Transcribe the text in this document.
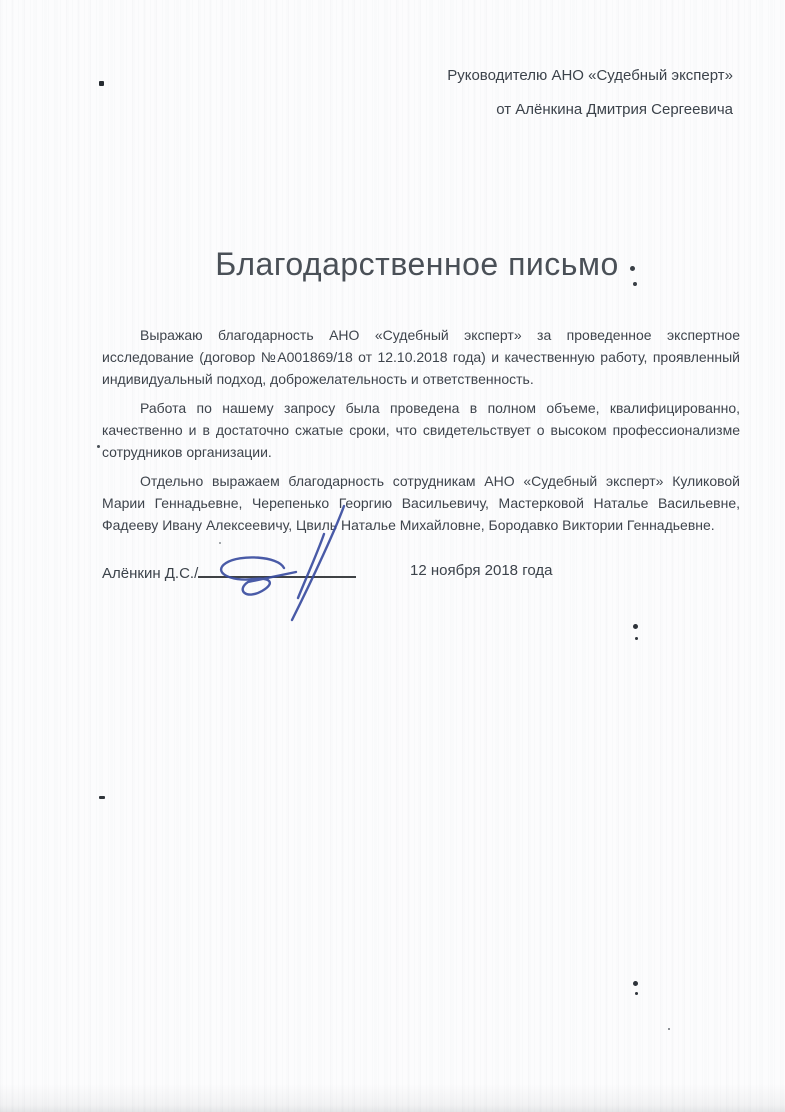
Руководителю АНО «Судебный эксперт»
от Алёнкина Дмитрия Сергеевича
Благодарственное письмо

Выражаю благодарность АНО «Судебный эксперт» за проведенное экспертное
исследование (договор №А001869/18 от 12.10.2018 года) и качественную работу, проявленный
индивидуальный подход, доброжелательность и ответственность.

Работа по нашему запросу была проведена в полном объеме, квалифицированно,
качественно и в достаточно сжатые сроки, что свидетельствует о высоком профессионализме
сотрудников организации.

Отдельно выражаем благодарность сотрудникам АНО «Судебный эксперт» Куликовой
Марии Геннадьевне, Черепенько Георгию Васильевичу, Мастерковой Наталье Васильевне,
Фадееву Ивану Алексеевичу, Цвиль Наталье Михайловне, Бородавко Виктории Геннадьевне.

Алёнкин Д.С./	12 ноября 2018 года
